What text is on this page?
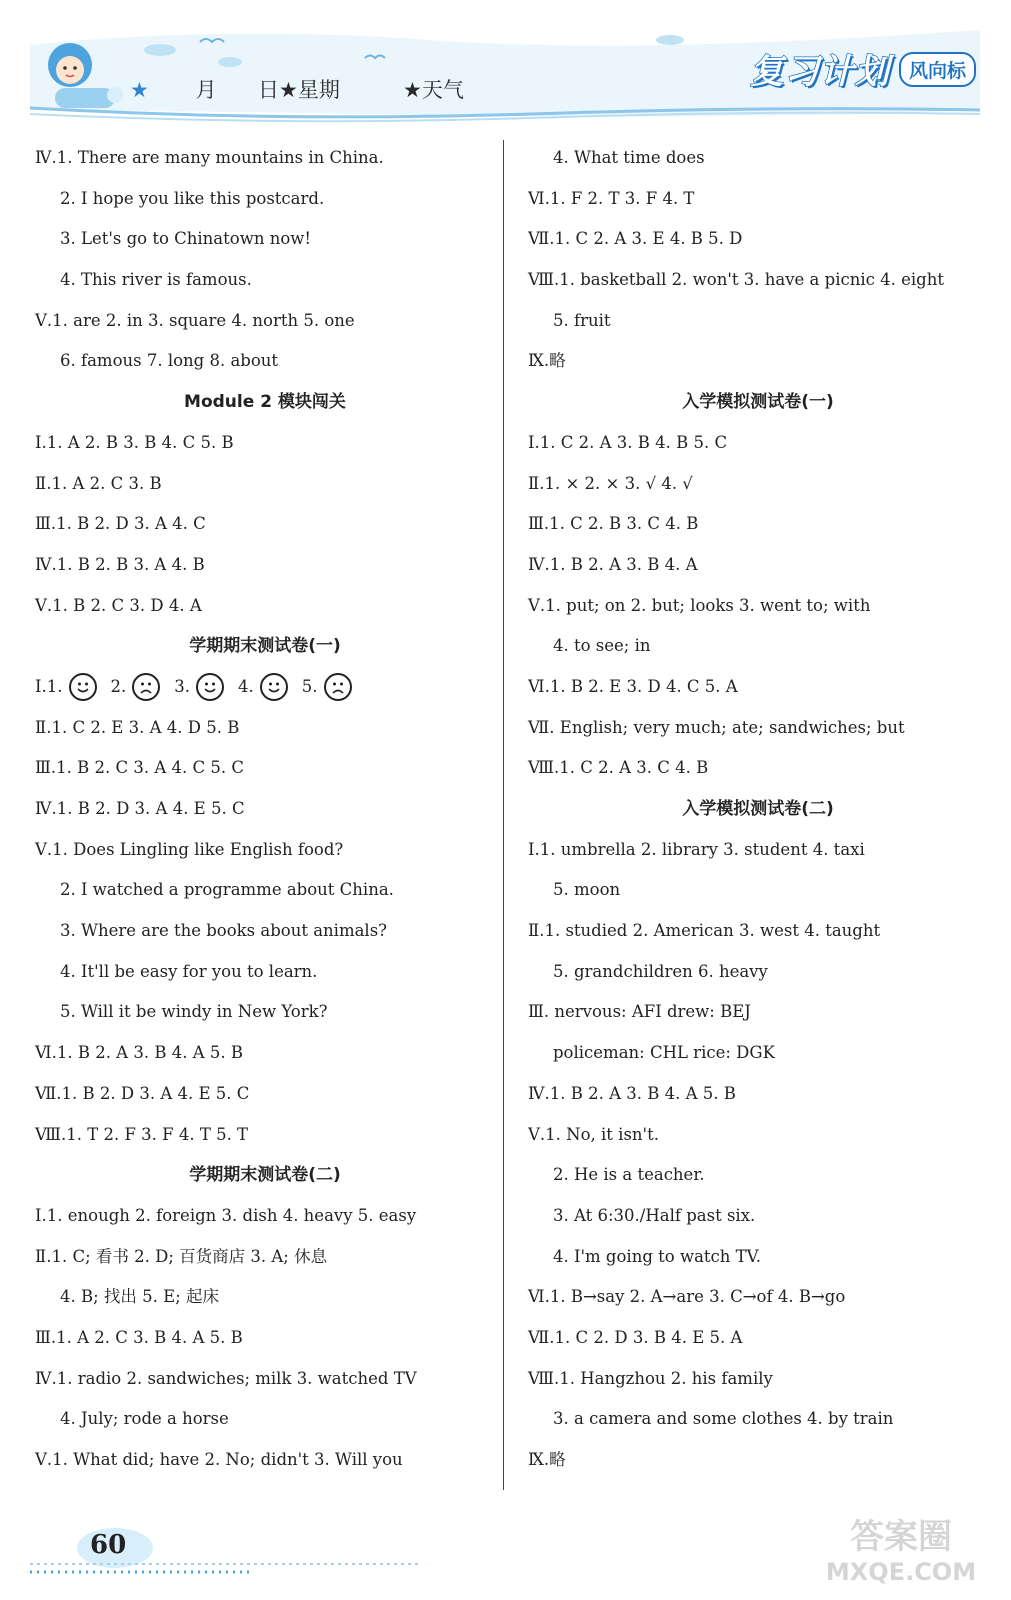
★ 月 日★星期	★天气	复习计划 风向标
Ⅳ.1. There are many mountains in China.
2. I hope you like this postcard.
3. Let's go to Chinatown now!
4. This river is famous.
Ⅴ.1. are 2. in 3. square 4. north 5. one
6. famous 7. long 8. about
Module 2 模块闯关
Ⅰ.1. A 2. B 3. B 4. C 5. B
Ⅱ.1. A 2. C 3. B
Ⅲ.1. B 2. D 3. A 4. C
Ⅳ.1. B 2. B 3. A 4. B
Ⅴ.1. B 2. C 3. D 4. A
学期期末测试卷(一)
Ⅰ.1.	2.	3.	4.	5.
Ⅱ.1. C 2. E 3. A 4. D 5. B
Ⅲ.1. B 2. C 3. A 4. C 5. C
Ⅳ.1. B 2. D 3. A 4. E 5. C
Ⅴ.1. Does Lingling like English food?
2. I watched a programme about China.
3. Where are the books about animals?
4. It'll be easy for you to learn.
5. Will it be windy in New York?
Ⅵ.1. B 2. A 3. B 4. A 5. B
Ⅶ.1. B 2. D 3. A 4. E 5. C
Ⅷ.1. T 2. F 3. F 4. T 5. T
学期期末测试卷(二)
Ⅰ.1. enough 2. foreign 3. dish 4. heavy 5. easy
Ⅱ.1. C; 看书 2. D; 百货商店 3. A; 休息
4. B; 找出 5. E; 起床
Ⅲ.1. A 2. C 3. B 4. A 5. B
Ⅳ.1. radio 2. sandwiches; milk 3. watched TV
4. July; rode a horse
Ⅴ.1. What did; have 2. No; didn't 3. Will you
4. What time does
Ⅵ.1. F 2. T 3. F 4. T
Ⅶ.1. C 2. A 3. E 4. B 5. D
Ⅷ.1. basketball 2. won't 3. have a picnic 4. eight
5. fruit
Ⅸ.略
入学模拟测试卷(一)
Ⅰ.1. C 2. A 3. B 4. B 5. C
Ⅱ.1. × 2. × 3. √ 4. √
Ⅲ.1. C 2. B 3. C 4. B
Ⅳ.1. B 2. A 3. B 4. A
Ⅴ.1. put; on 2. but; looks 3. went to; with
4. to see; in
Ⅵ.1. B 2. E 3. D 4. C 5. A
Ⅶ. English; very much; ate; sandwiches; but
Ⅷ.1. C 2. A 3. C 4. B
入学模拟测试卷(二)
Ⅰ.1. umbrella 2. library 3. student 4. taxi
5. moon
Ⅱ.1. studied 2. American 3. west 4. taught
5. grandchildren 6. heavy
Ⅲ. nervous: AFI drew: BEJ
policeman: CHL rice: DGK
Ⅳ.1. B 2. A 3. B 4. A 5. B
Ⅴ.1. No, it isn't.
2. He is a teacher.
3. At 6:30./Half past six.
4. I'm going to watch TV.
Ⅵ.1. B→say 2. A→are 3. C→of 4. B→go
Ⅶ.1. C 2. D 3. B 4. E 5. A
Ⅷ.1. Hangzhou 2. his family
3. a camera and some clothes 4. by train
Ⅸ.略
60	答案圈
MXQE.COM
